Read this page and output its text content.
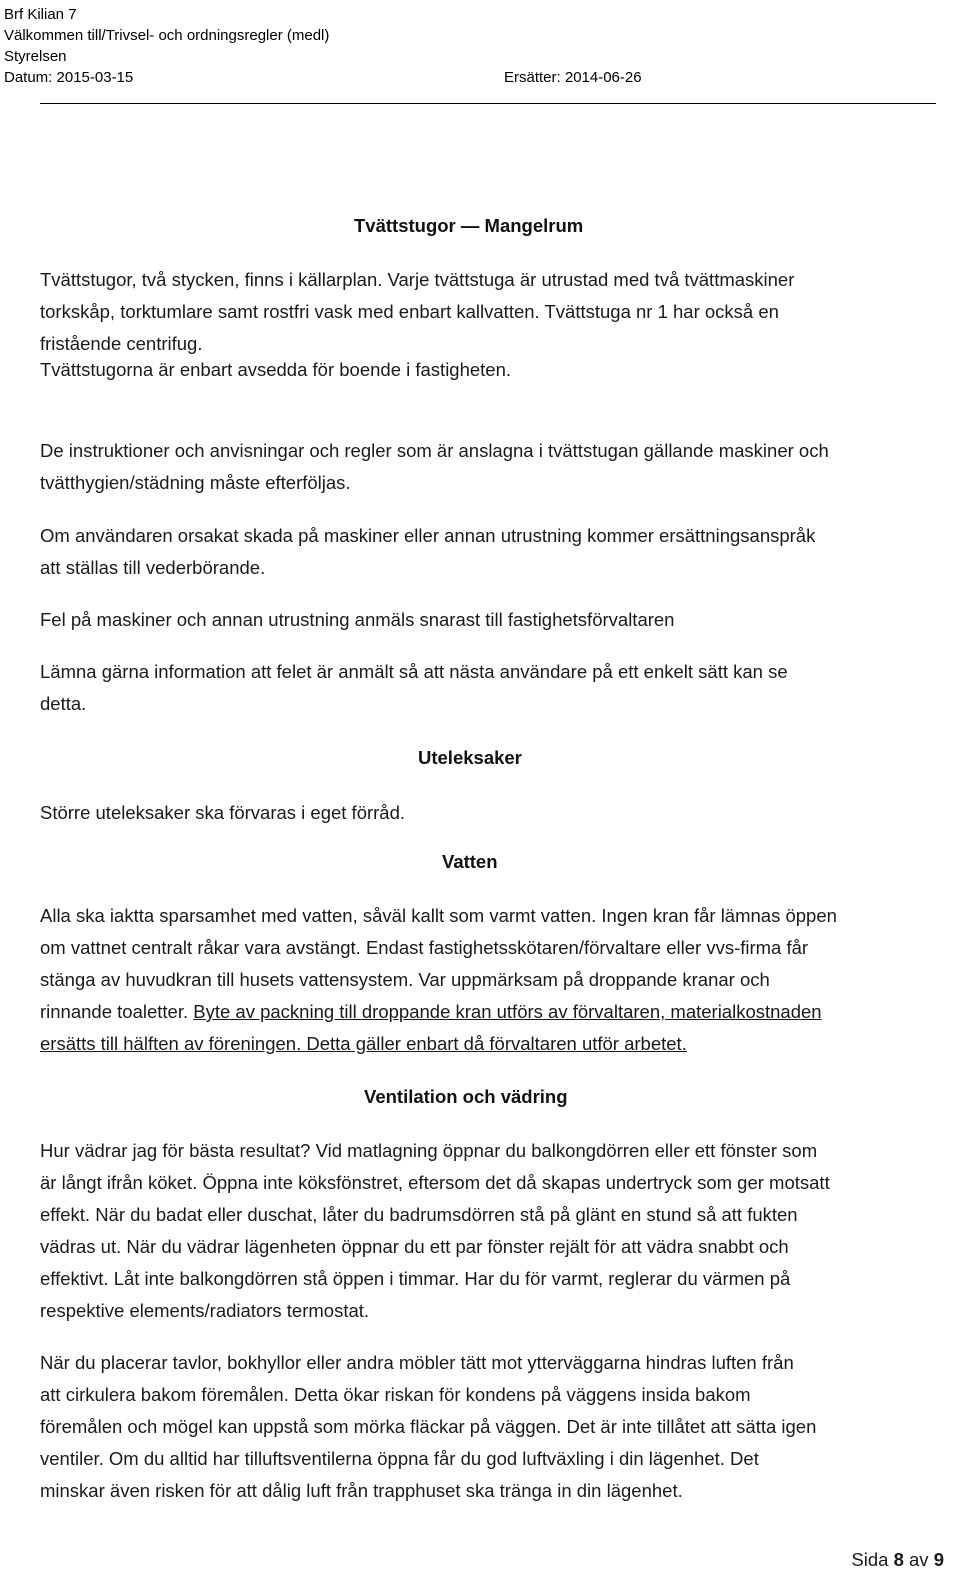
Brf Kilian 7
Välkommen till/Trivsel- och ordningsregler (medl)
Styrelsen
Datum: 2015-03-15	Ersätter: 2014-06-26
Tvättstugor — Mangelrum
Tvättstugor, två stycken, finns i källarplan. Varje tvättstuga är utrustad med två tvättmaskiner
torkskåp, torktumlare samt rostfri vask med enbart kallvatten. Tvättstuga nr 1 har också en
fristående centrifug.
Tvättstugorna är enbart avsedda för boende i fastigheten.
De instruktioner och anvisningar och regler som är anslagna i tvättstugan gällande maskiner och
tvätthygien/städning måste efterföljas.
Om användaren orsakat skada på maskiner eller annan utrustning kommer ersättningsanspråk
att ställas till vederbörande.
Fel på maskiner och annan utrustning anmäls snarast till fastighetsförvaltaren
Lämna gärna information att felet är anmält så att nästa användare på ett enkelt sätt kan se
detta.
Uteleksaker
Större uteleksaker ska förvaras i eget förråd.
Vatten
Alla ska iaktta sparsamhet med vatten, såväl kallt som varmt vatten. Ingen kran får lämnas öppen
om vattnet centralt råkar vara avstängt. Endast fastighetsskötaren/förvaltare eller vvs-firma får
stänga av huvudkran till husets vattensystem. Var uppmärksam på droppande kranar och
rinnande toaletter. Byte av packning till droppande kran utförs av förvaltaren, materialkostnaden
ersätts till hälften av föreningen. Detta gäller enbart då förvaltaren utför arbetet.
Ventilation och vädring
Hur vädrar jag för bästa resultat? Vid matlagning öppnar du balkongdörren eller ett fönster som
är långt ifrån köket. Öppna inte köksfönstret, eftersom det då skapas undertryck som ger motsatt
effekt. När du badat eller duschat, låter du badrumsdörren stå på glänt en stund så att fukten
vädras ut. När du vädrar lägenheten öppnar du ett par fönster rejält för att vädra snabbt och
effektivt. Låt inte balkongdörren stå öppen i timmar. Har du för varmt, reglerar du värmen på
respektive elements/radiators termostat.
När du placerar tavlor, bokhyllor eller andra möbler tätt mot ytterväggarna hindras luften från
att cirkulera bakom föremålen. Detta ökar riskan för kondens på väggens insida bakom
föremålen och mögel kan uppstå som mörka fläckar på väggen. Det är inte tillåtet att sätta igen
ventiler. Om du alltid har tilluftsventilerna öppna får du god luftväxling i din lägenhet. Det
minskar även risken för att dålig luft från trapphuset ska tränga in din lägenhet.
Sida 8 av 9
